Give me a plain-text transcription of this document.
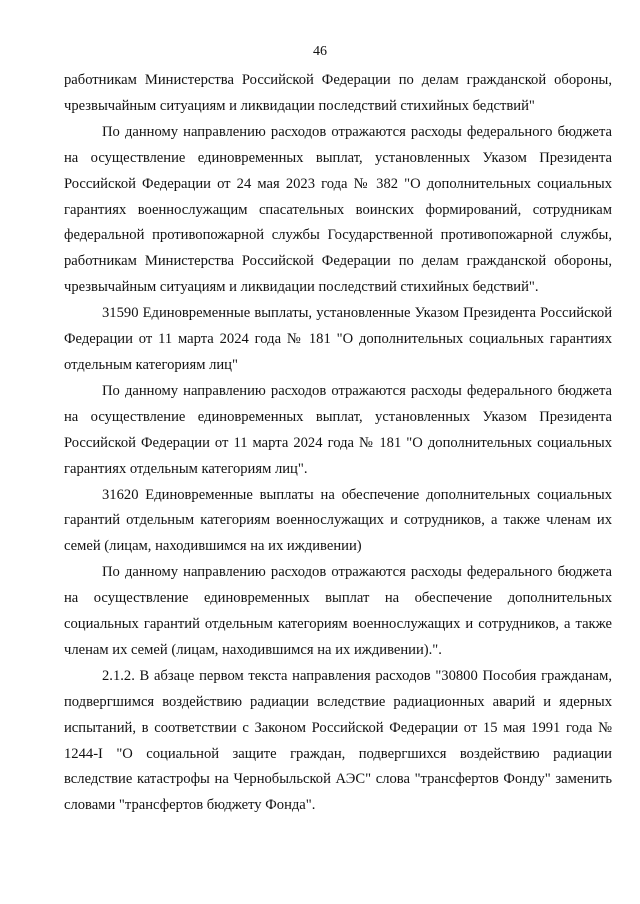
46

работникам Министерства Российской Федерации по делам гражданской обороны, чрезвычайным ситуациям и ликвидации последствий стихийных бедствий"

По данному направлению расходов отражаются расходы федерального бюджета на осуществление единовременных выплат, установленных Указом Президента Российской Федерации от 24 мая 2023 года № 382 "О дополнительных социальных гарантиях военнослужащим спасательных воинских формирований, сотрудникам федеральной противопожарной службы Государственной противопожарной службы, работникам Министерства Российской Федерации по делам гражданской обороны, чрезвычайным ситуациям и ликвидации последствий стихийных бедствий".

31590 Единовременные выплаты, установленные Указом Президента Российской Федерации от 11 марта 2024 года № 181 "О дополнительных социальных гарантиях отдельным категориям лиц"

По данному направлению расходов отражаются расходы федерального бюджета на осуществление единовременных выплат, установленных Указом Президента Российской Федерации от 11 марта 2024 года № 181 "О дополнительных социальных гарантиях отдельным категориям лиц".

31620 Единовременные выплаты на обеспечение дополнительных социальных гарантий отдельным категориям военнослужащих и сотрудников, а также членам их семей (лицам, находившимся на их иждивении)

По данному направлению расходов отражаются расходы федерального бюджета на осуществление единовременных выплат на обеспечение дополнительных социальных гарантий отдельным категориям военнослужащих и сотрудников, а также членам их семей (лицам, находившимся на их иждивении).".

2.1.2. В абзаце первом текста направления расходов "30800 Пособия гражданам, подвергшимся воздействию радиации вследствие радиационных аварий и ядерных испытаний, в соответствии с Законом Российской Федерации от 15 мая 1991 года № 1244-I "О социальной защите граждан, подвергшихся воздействию радиации вследствие катастрофы на Чернобыльской АЭС" слова "трансфертов Фонду" заменить словами "трансфертов бюджету Фонда".
